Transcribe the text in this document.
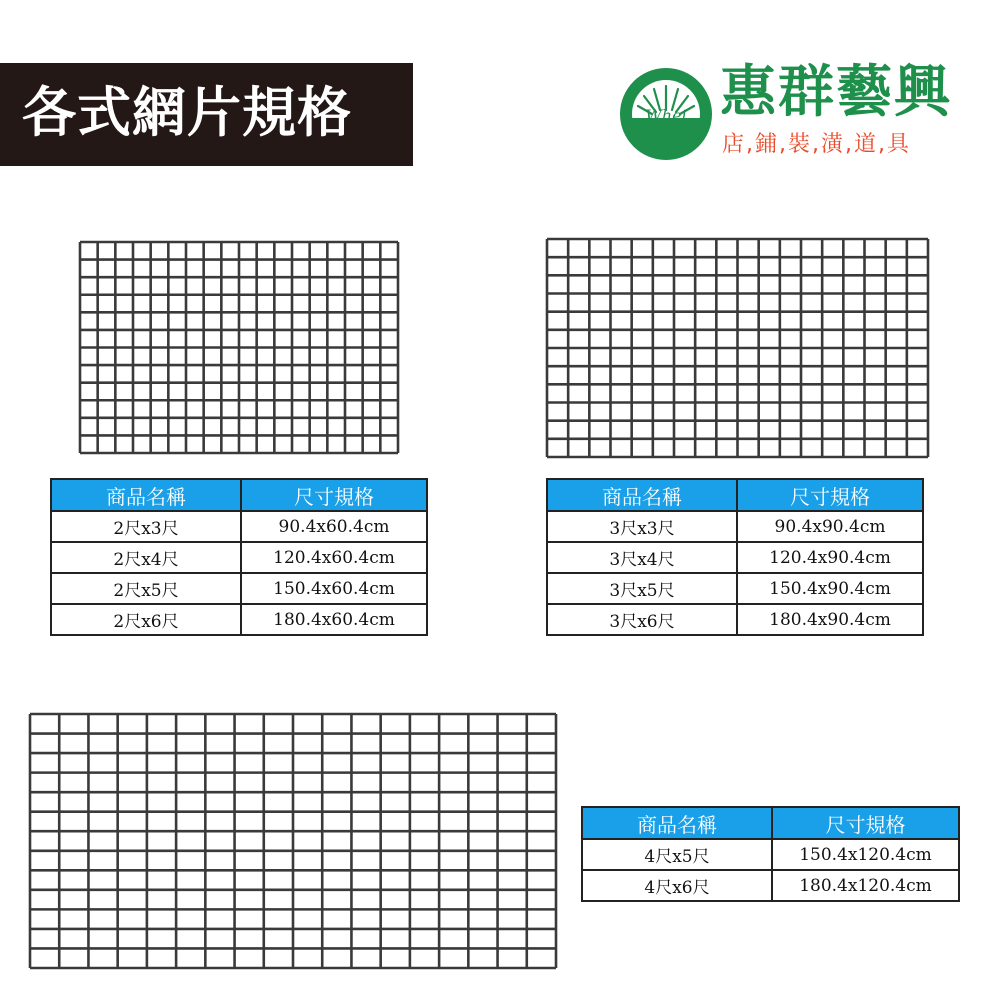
各式網片規格	Whei 惠群藝興
店,鋪,裝,潢,道,具
商品名稱	尺寸規格
2尺x3尺	90.4x60.4cm
2尺x4尺	120.4x60.4cm
2尺x5尺	150.4x60.4cm
2尺x6尺	180.4x60.4cm
商品名稱	尺寸規格
3尺x3尺	90.4x90.4cm
3尺x4尺	120.4x90.4cm
3尺x5尺	150.4x90.4cm
3尺x6尺	180.4x90.4cm
商品名稱	尺寸規格
4尺x5尺	150.4x120.4cm
4尺x6尺	180.4x120.4cm
